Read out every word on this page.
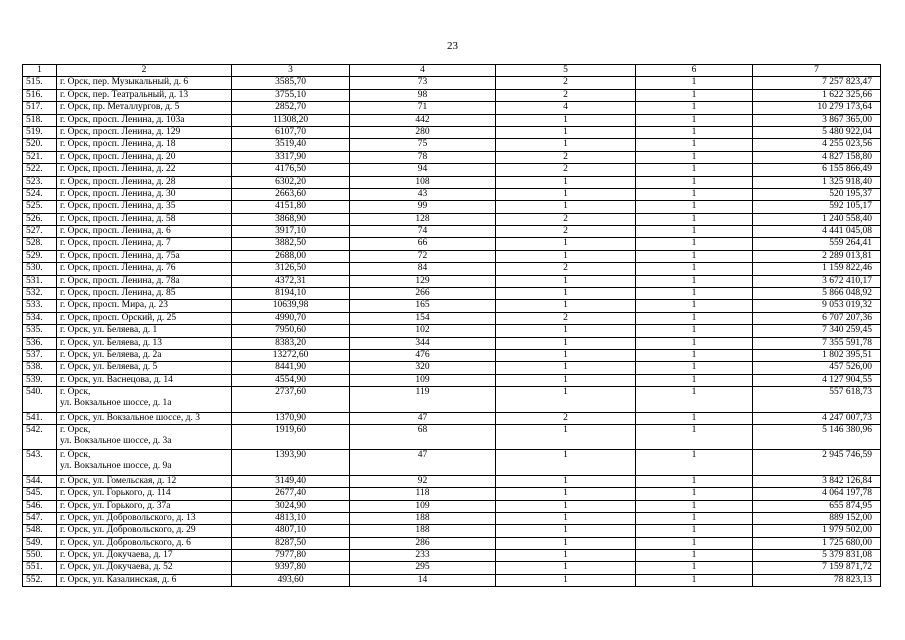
23
1	2	3	4	5	6	7
515.	г. Орск, пер. Музыкальный, д. 6	3585,70	73	2	1	7 257 823,47
516.	г. Орск, пер. Театральный, д. 13	3755,10	98	2	1	1 622 325,66
517.	г. Орск, пр. Металлургов, д. 5	2852,70	71	4	1	10 279 173,64
518.	г. Орск, просп. Ленина, д. 103а	11308,20	442	1	1	3 867 365,00
519.	г. Орск, просп. Ленина, д. 129	6107,70	280	1	1	5 480 922,04
520.	г. Орск, просп. Ленина, д. 18	3519,40	75	1	1	4 255 023,56
521.	г. Орск, просп. Ленина, д. 20	3317,90	78	2	1	4 827 158,80
522.	г. Орск, просп. Ленина, д. 22	4176,50	94	2	1	6 155 866,49
523.	г. Орск, просп. Ленина, д. 28	6302,20	108	1	1	1 325 918,40
524.	г. Орск, просп. Ленина, д. 30	2663,60	43	1	1	520 195,37
525.	г. Орск, просп. Ленина, д. 35	4151,80	99	1	1	592 105,17
526.	г. Орск, просп. Ленина, д. 58	3868,90	128	2	1	1 240 558,40
527.	г. Орск, просп. Ленина, д. 6	3917,10	74	2	1	4 441 045,08
528.	г. Орск, просп. Ленина, д. 7	3882,50	66	1	1	559 264,41
529.	г. Орск, просп. Ленина, д. 75а	2688,00	72	1	1	2 289 013,81
530.	г. Орск, просп. Ленина, д. 76	3126,50	84	2	1	1 159 822,46
531.	г. Орск, просп. Ленина, д. 78а	4372,31	129	1	1	3 672 410,17
532.	г. Орск, просп. Ленина, д. 85	8194,10	266	1	1	5 866 048,92
533.	г. Орск, просп. Мира, д. 23	10639,98	165	1	1	9 053 019,32
534.	г. Орск, просп. Орский, д. 25	4990,70	154	2	1	6 707 207,36
535.	г. Орск, ул. Беляева, д. 1	7950,60	102	1	1	7 340 259,45
536.	г. Орск, ул. Беляева, д. 13	8383,20	344	1	1	7 355 591,78
537.	г. Орск, ул. Беляева, д. 2а	13272,60	476	1	1	1 802 395,51
538.	г. Орск, ул. Беляева, д. 5	8441,90	320	1	1	457 526,00
539.	г. Орск, ул. Васнецова, д. 14	4554,90	109	1	1	4 127 904,55
540.	г. Орск,
ул. Вокзальное шоссе, д. 1а	2737,60	119	1	1	557 618,73
541.	г. Орск, ул. Вокзальное шоссе, д. 3	1370,90	47	2	1	4 247 007,73
542.	г. Орск,
ул. Вокзальное шоссе, д. 3а	1919,60	68	1	1	5 146 380,96
543.	г. Орск,
ул. Вокзальное шоссе, д. 9а	1393,90	47	1	1	2 945 746,59
544.	г. Орск, ул. Гомельская, д. 12	3149,40	92	1	1	3 842 126,84
545.	г. Орск, ул. Горького, д. 114	2677,40	118	1	1	4 064 197,78
546.	г. Орск, ул. Горького, д. 37а	3024,90	109	1	1	655 874,95
547.	г. Орск, ул. Добровольского, д. 13	4813,10	188	1	1	889 152,00
548.	г. Орск, ул. Добровольского, д. 29	4807,10	188	1	1	1 979 502,00
549.	г. Орск, ул. Добровольского, д. 6	8287,50	286	1	1	1 725 680,00
550.	г. Орск, ул. Докучаева, д. 17	7977,80	233	1	1	5 379 831,08
551.	г. Орск, ул. Докучаева, д. 52	9397,80	295	1	1	7 159 871,72
552.	г. Орск, ул. Казалинская, д. 6	493,60	14	1	1	78 823,13
